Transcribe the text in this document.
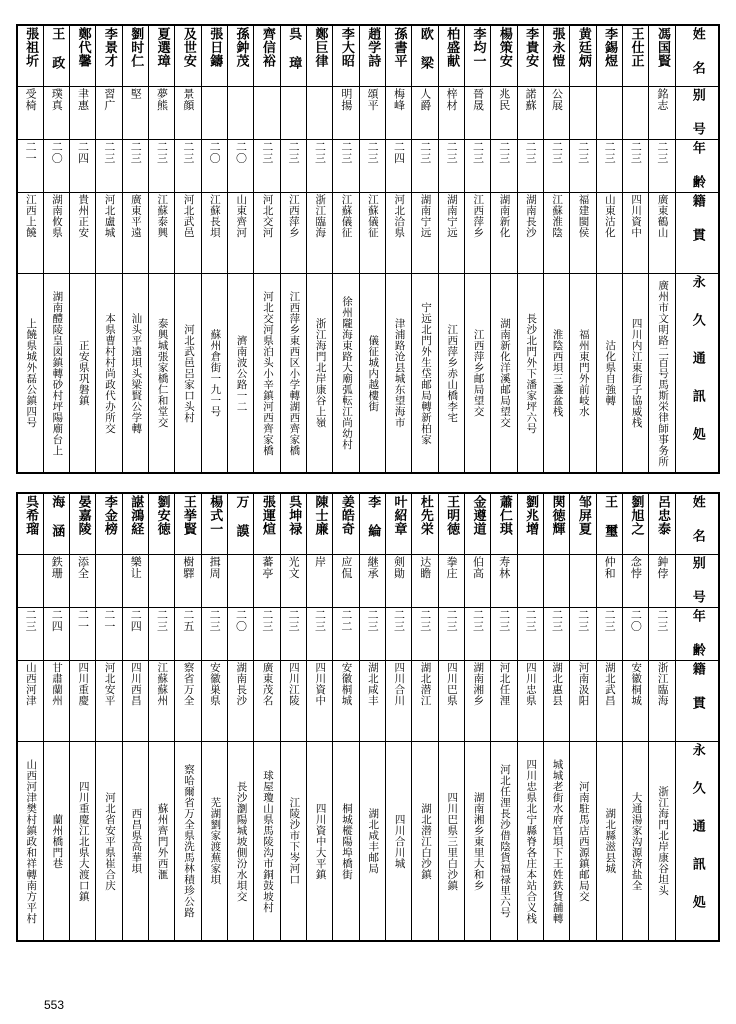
張祖圻	王 政	鄭代馨	李景才	劉时仁	夏選璋	及世安	張日鑄	孫鈡茂	齊信裕	呉 璋	鄭巨律	李大昭	趙学詩	孫書平	欧 梁	柏盛献	李均一	楊策安	李貴安	張永愷	黄廷炳	李錫煜	王仕正	馮国賢	姓 名

受椅	璞真	聿惠	習广	堅	夢熊	景顔						明揚	頌平	梅峰	人爵	梓材	晉晟	兆民	諾蘇	公展				銘志	别 号

二一	二〇	二四	二三	二三	二三	二三	二〇	二〇	二三	二三	二三	二三	二三	二四	二三	二三	二三	二三	二三	二三	二三	二三	二三	二三	年 齢

江西上饒	湖南攸県	貴州正安	河北盧城	廣東平遠	江蘇泰興	河北武邑	江蘇長垻	山東齊河	河北交河	江西萍乡	浙江臨海	江蘇儀征	江蘇儀征	河北洽県	湖南宁远	湖南宁远	江西萍乡	湖南新化	湖南長沙	江蘇淮陰	福建閩侯	山東沽化	四川資中	廣東鶴山	籍 貫

上饒県城外磊公鎮四号	湖南醴陵皇図鎮轉砂村坪陽廟台上	正安県巩磐鎮	本県曹村村尚政代办所交	汕头平遠垻头梁賢公学轉	泰興城張家橋仁和堂交	河北武邑呂家口头村	蘇州倉街一九一号	濟南波公路一二	河北交河県泊头小辛鎮河西齊家橋	江西萍乡東西区小学轉湖西齊家橋	浙江海門北岸康谷上嶺	徐州隴海東路大廟弧転江尚幼村	儀征城内越樓街	津浦路沧县城东望海市	宁远北門外生垈邮局轉新柏家	江西萍乡赤山橋李宅	江西萍乡邮局望交	湖南新化洋溪邮局望交	長沙北門外下潘家坪六号	淮陰西垻三盞盆栈	福州東門外前岐水	沽化県自強轉	四川内江東街子協威栈	廣州市文明路二百号馬斯栄律師事务所	永 久 通 訊 処
呉希瑠	海 涵	晏嘉陵	李金榜	諶鴻経	劉安徳	王挙賢	楊式一	万 謨	張運煊	呉坤禄	陳士廉	姜皓奇	李 綸	叶紹章	杜先栄	王明徳	金遵道	蕭仁琪	劉兆增	関徳輝	邹屏夏	王 璽	劉旭之	呂忠泰	姓 名

	鉄珊	添全		樂让		樹驛	揖周		蕃亭	光文	岸	应侃	継承	剣勛	达瞻	拳庄	伯高	寿林				仲和	念悖	鈡侼	别 号

二三	二四	二一	二一	二四	二三	二五	二三	二〇	二三	二三	二三	二二	二三	二三	二三	二三	二三	二三	二三	二三	二三	二三	二〇	二三	年 齢

山西河津	甘肅蘭州	四川重慶	河北安平	四川西昌	江蘇蘇州	察省万全	安徽巣県	湖南長沙	廣東茂名	四川江陵	四川資中	安徽桐城	湖北咸丰	四川合川	湖北潜江	四川巴県	湖南湘乡	河北任浬	四川忠県	湖北惠县	河南汲阳	湖北武昌	安徽桐城	浙江臨海	籍 貫

山西河津樊村鎮政和祥轉南方平村	蘭州橋門巷	四川重慶江北県大渡口鎮	河北省安平県崔合庆	西昌県高華垻	蘇州齊門外西滙	察哈爾省万全県洗馬林積珍公路	芜湖劉家渡蕪家垻	長沙瀏陽城坡側汾水垻交	球屋瓊山県馬陵沟市銅鼓坡村	江陵沙市下岑河口	四川資中大平鎮	桐城樅陽埠橋街	湖北咸丰邮局	四川合川城	湖北潜江白沙鎮	四川巴県三里白沙鎮	湖南湘乡東里大和乡	河北任浬長沙借陰貨福禄里六号	四川忠県北宁縣脊各庄本站合义栈	城城老街水府官垻下王姓鉄貨舗轉	河南駐馬店西源鎮邮局交	湖北縣滋县城	大通湯家沟源済盐全	浙江海門北岸康谷坦头	永 久 通 訊 処
553
